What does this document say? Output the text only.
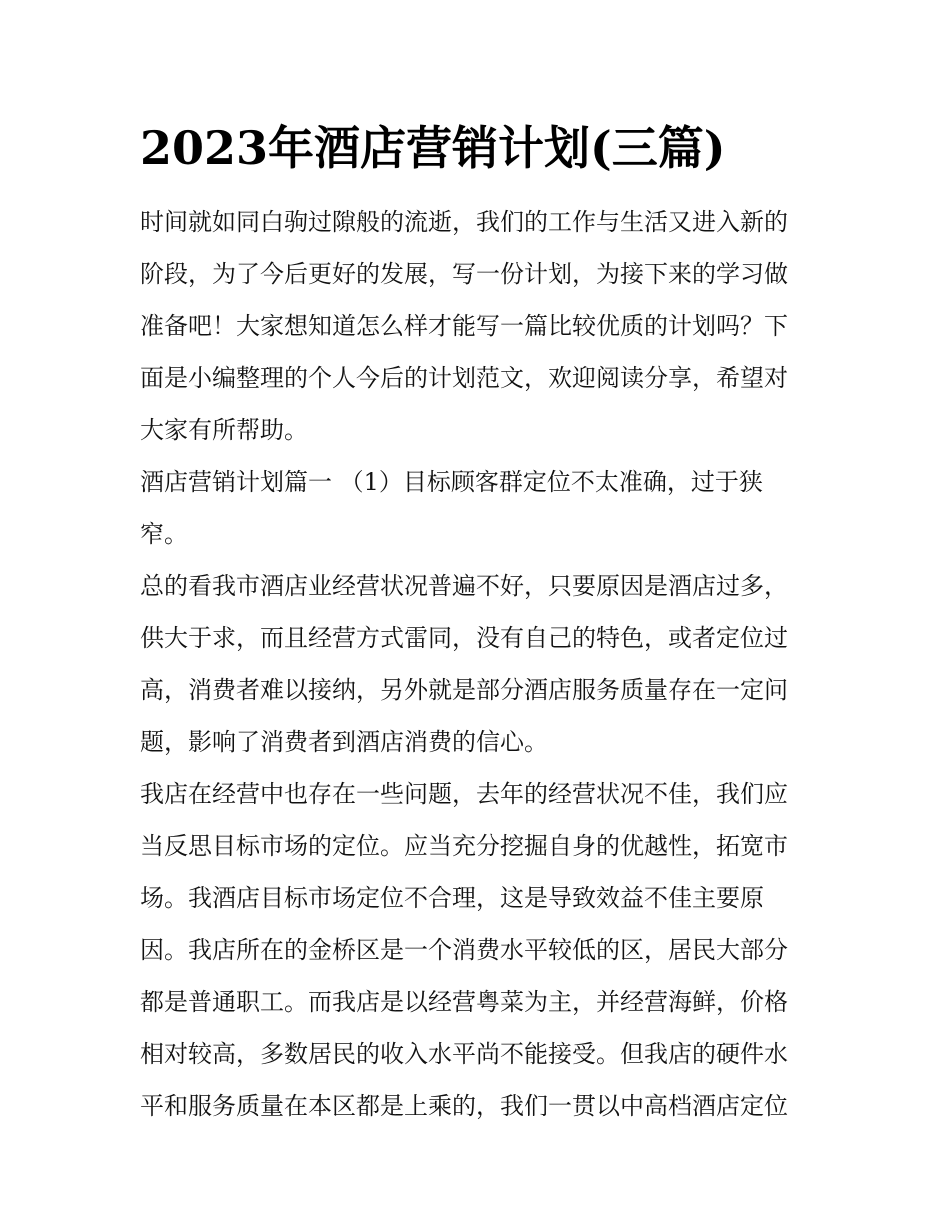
2023年酒店营销计划(三篇)
时间就如同白驹过隙般的流逝，我们的工作与生活又进入新的
阶段，为了今后更好的发展，写一份计划，为接下来的学习做
准备吧！大家想知道怎么样才能写一篇比较优质的计划吗？下
面是小编整理的个人今后的计划范文，欢迎阅读分享，希望对
大家有所帮助。
酒店营销计划篇一 （1）目标顾客群定位不太准确，过于狭
窄。
总的看我市酒店业经营状况普遍不好，只要原因是酒店过多，
供大于求，而且经营方式雷同，没有自己的特色，或者定位过
高，消费者难以接纳，另外就是部分酒店服务质量存在一定问
题，影响了消费者到酒店消费的信心。
我店在经营中也存在一些问题，去年的经营状况不佳，我们应
当反思目标市场的定位。应当充分挖掘自身的优越性，拓宽市
场。我酒店目标市场定位不合理，这是导致效益不佳主要原
因。我店所在的金桥区是一个消费水平较低的区，居民大部分
都是普通职工。而我店是以经营粤菜为主，并经营海鲜，价格
相对较高，多数居民的收入水平尚不能接受。但我店的硬件水
平和服务质量在本区都是上乘的，我们一贯以中高档酒店定位
